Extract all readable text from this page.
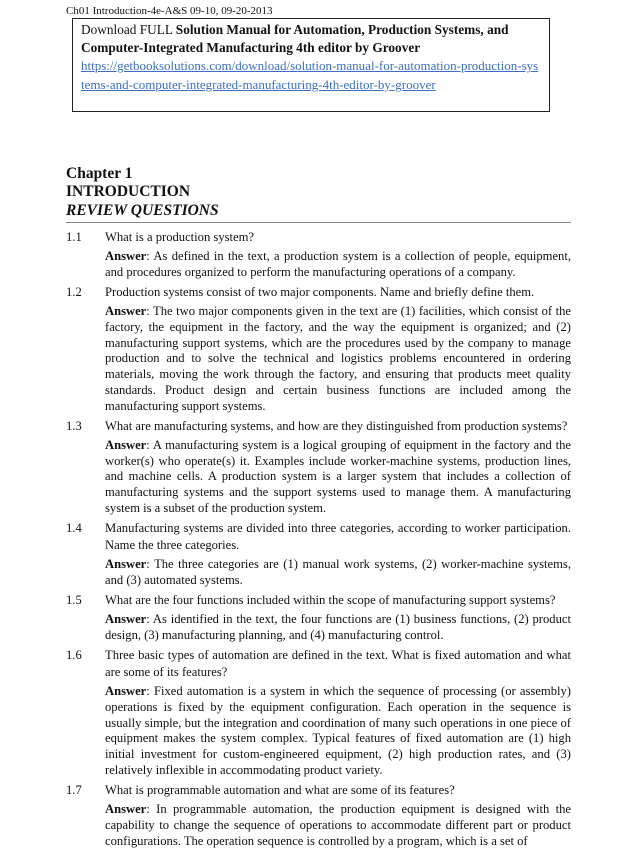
Ch01 Introduction-4e-A&S 09-10, 09-20-2013

Download FULL Solution Manual for Automation, Production Systems, and Computer-Integrated Manufacturing 4th editor by Groover

https://getbooksolutions.com/download/solution-manual-for-automation-production-systems-and-computer-integrated-manufacturing-4th-editor-by-groover
Chapter 1
INTRODUCTION
REVIEW QUESTIONS
1.1 What is a production system?

Answer: As defined in the text, a production system is a collection of people, equipment, and procedures organized to perform the manufacturing operations of a company.

1.2 Production systems consist of two major components. Name and briefly define them.

Answer: The two major components given in the text are (1) facilities, which consist of the factory, the equipment in the factory, and the way the equipment is organized; and (2) manufacturing support systems, which are the procedures used by the company to manage production and to solve the technical and logistics problems encountered in ordering materials, moving the work through the factory, and ensuring that products meet quality standards. Product design and certain business functions are included among the manufacturing support systems.

1.3 What are manufacturing systems, and how are they distinguished from production systems?

Answer: A manufacturing system is a logical grouping of equipment in the factory and the worker(s) who operate(s) it. Examples include worker-machine systems, production lines, and machine cells. A production system is a larger system that includes a collection of manufacturing systems and the support systems used to manage them. A manufacturing system is a subset of the production system.

1.4 Manufacturing systems are divided into three categories, according to worker participation. Name the three categories.

Answer: The three categories are (1) manual work systems, (2) worker-machine systems, and (3) automated systems.

1.5 What are the four functions included within the scope of manufacturing support systems?

Answer: As identified in the text, the four functions are (1) business functions, (2) product design, (3) manufacturing planning, and (4) manufacturing control.

1.6 Three basic types of automation are defined in the text. What is fixed automation and what are some of its features?

Answer: Fixed automation is a system in which the sequence of processing (or assembly) operations is fixed by the equipment configuration. Each operation in the sequence is usually simple, but the integration and coordination of many such operations in one piece of equipment makes the system complex. Typical features of fixed automation are (1) high initial investment for custom-engineered equipment, (2) high production rates, and (3) relatively inflexible in accommodating product variety.

1.7 What is programmable automation and what are some of its features?

Answer: In programmable automation, the production equipment is designed with the capability to change the sequence of operations to accommodate different part or product configurations. The operation sequence is controlled by a program, which is a set of
